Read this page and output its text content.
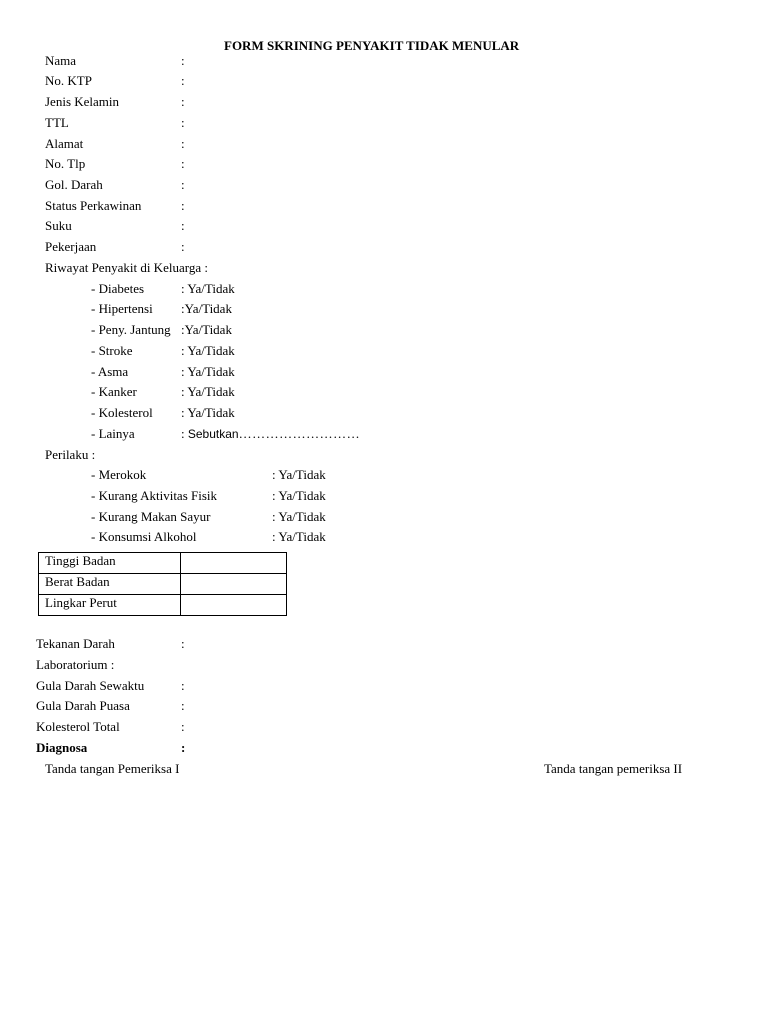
FORM SKRINING PENYAKIT TIDAK MENULAR
Nama	:
No. KTP	:
Jenis Kelamin	:
TTL	:
Alamat	:
No. Tlp	:
Gol. Darah	:
Status Perkawinan	:
Suku	:
Pekerjaan	:
Riwayat Penyakit di Keluarga :
- Diabetes	: Ya/Tidak
- Hipertensi :Ya/Tidak
- Peny. Jantung :Ya/Tidak
- Stroke	: Ya/Tidak
- Asma	: Ya/Tidak
- Kanker	: Ya/Tidak
- Kolesterol : Ya/Tidak
- Lainya	: Sebutkan………………………
Perilaku :
- Merokok	: Ya/Tidak
- Kurang Aktivitas Fisik	: Ya/Tidak
- Kurang Makan Sayur	: Ya/Tidak
- Konsumsi Alkohol	: Ya/Tidak
Tinggi Badan
Berat Badan
Lingkar Perut
Tekanan Darah	:
Laboratorium :
Gula Darah Sewaktu	:
Gula Darah Puasa	:
Kolesterol Total	:
Diagnosa	:
Tanda tangan Pemeriksa I	Tanda tangan pemeriksa II
